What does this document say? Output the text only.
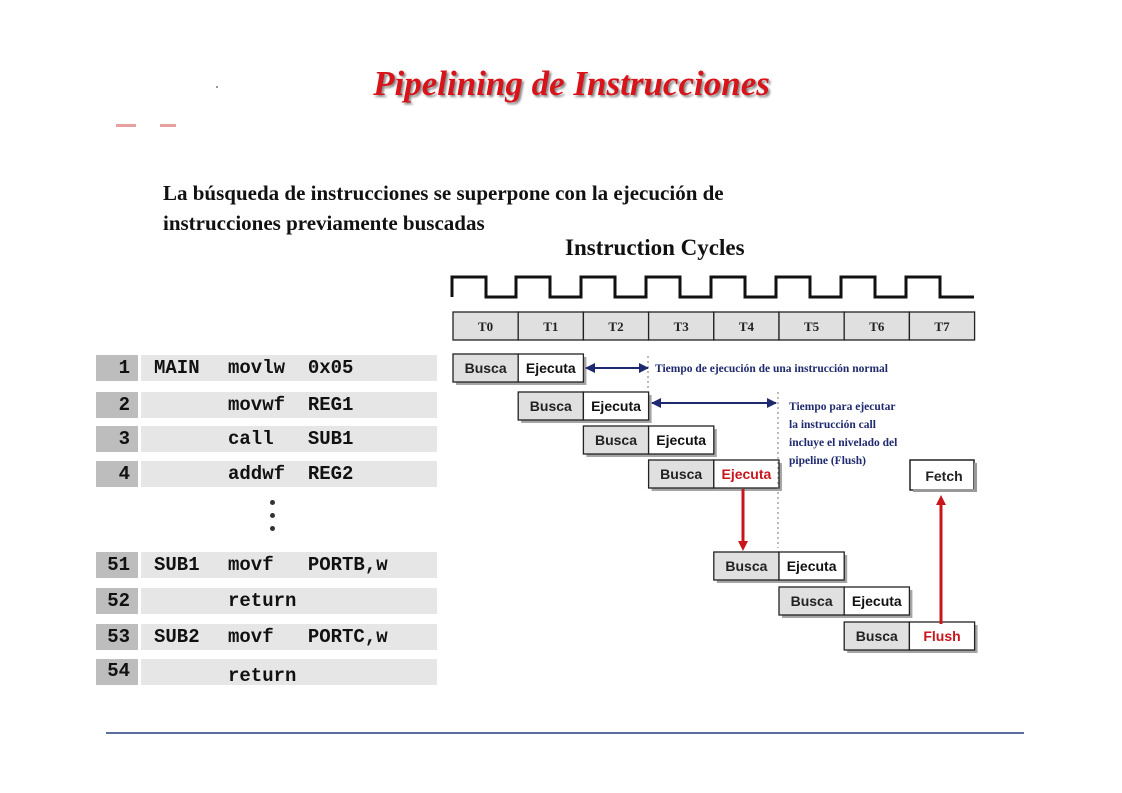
Pipelining de Instrucciones
La búsqueda de instrucciones se superpone con la ejecución de
instrucciones previamente buscadas
Instruction Cycles
1	MAIN movlw  0x05
2	movwf  REG1
3	call   SUB1
4	addwf  REG2
51	SUB1 movf   PORTB,w
52	return
53	SUB2 movf   PORTC,w
54	return
T0	T1	T2	T3	T4	T5	T6	T7
Busca Ejecuta
Busca Ejecuta
Busca Ejecuta
Busca Ejecuta
Busca Ejecuta
Busca Ejecuta
Busca Flush
Tiempo de ejecución de una instrucción normal
Tiempo para ejecutar
la instrucción call
incluye el nivelado del
pipeline (Flush)
Fetch
